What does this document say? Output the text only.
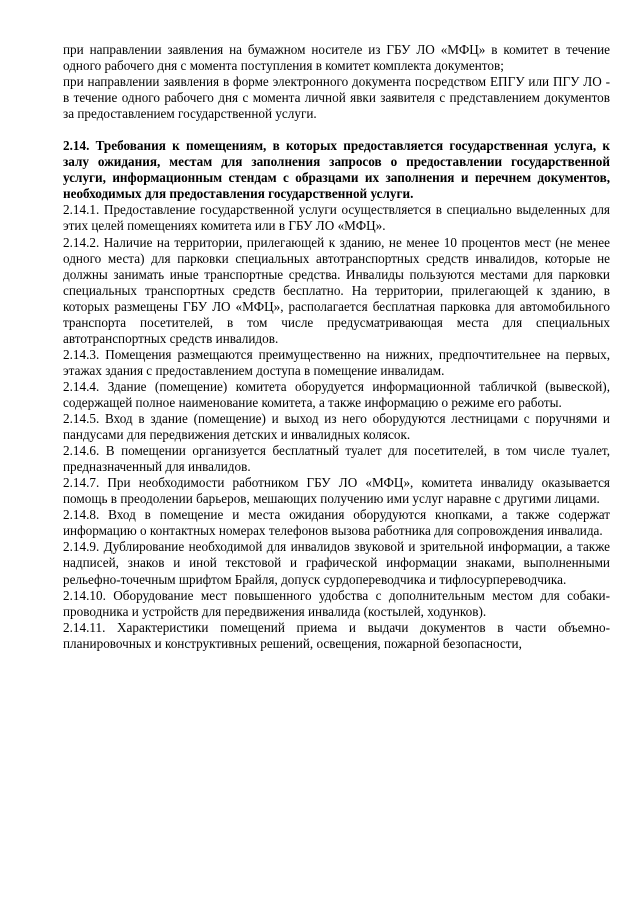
при направлении заявления на бумажном носителе из ГБУ ЛО «МФЦ» в комитет в течение одного рабочего дня с момента поступления в комитет комплекта документов;

при направлении заявления в форме электронного документа посредством ЕПГУ или ПГУ ЛО - в течение одного рабочего дня с момента личной явки заявителя с представлением документов за предоставлением государственной услуги.

2.14. Требования к помещениям, в которых предоставляется государственная услуга, к залу ожидания, местам для заполнения запросов о предоставлении государственной услуги, информационным стендам с образцами их заполнения и перечнем документов, необходимых для предоставления государственной услуги.

2.14.1. Предоставление государственной услуги осуществляется в специально выделенных для этих целей помещениях комитета или в ГБУ ЛО «МФЦ».

2.14.2. Наличие на территории, прилегающей к зданию, не менее 10 процентов мест (не менее одного места) для парковки специальных автотранспортных средств инвалидов, которые не должны занимать иные транспортные средства. Инвалиды пользуются местами для парковки специальных транспортных средств бесплатно. На территории, прилегающей к зданию, в которых размещены ГБУ ЛО «МФЦ», располагается бесплатная парковка для автомобильного транспорта посетителей, в том числе предусматривающая места для специальных автотранспортных средств инвалидов.

2.14.3. Помещения размещаются преимущественно на нижних, предпочтительнее на первых, этажах здания с предоставлением доступа в помещение инвалидам.

2.14.4. Здание (помещение) комитета оборудуется информационной табличкой (вывеской), содержащей полное наименование комитета, а также информацию о режиме его работы.

2.14.5. Вход в здание (помещение) и выход из него оборудуются лестницами с поручнями и пандусами для передвижения детских и инвалидных колясок.

2.14.6. В помещении организуется бесплатный туалет для посетителей, в том числе туалет, предназначенный для инвалидов.

2.14.7. При необходимости работником ГБУ ЛО «МФЦ», комитета инвалиду оказывается помощь в преодолении барьеров, мешающих получению ими услуг наравне с другими лицами.

2.14.8. Вход в помещение и места ожидания оборудуются кнопками, а также содержат информацию о контактных номерах телефонов вызова работника для сопровождения инвалида.

2.14.9. Дублирование необходимой для инвалидов звуковой и зрительной информации, а также надписей, знаков и иной текстовой и графической информации знаками, выполненными рельефно-точечным шрифтом Брайля, допуск сурдопереводчика и тифлосурпереводчика.

2.14.10. Оборудование мест повышенного удобства с дополнительным местом для собаки-проводника и устройств для передвижения инвалида (костылей, ходунков).

2.14.11. Характеристики помещений приема и выдачи документов в части объемно-планировочных и конструктивных решений, освещения, пожарной безопасности,
